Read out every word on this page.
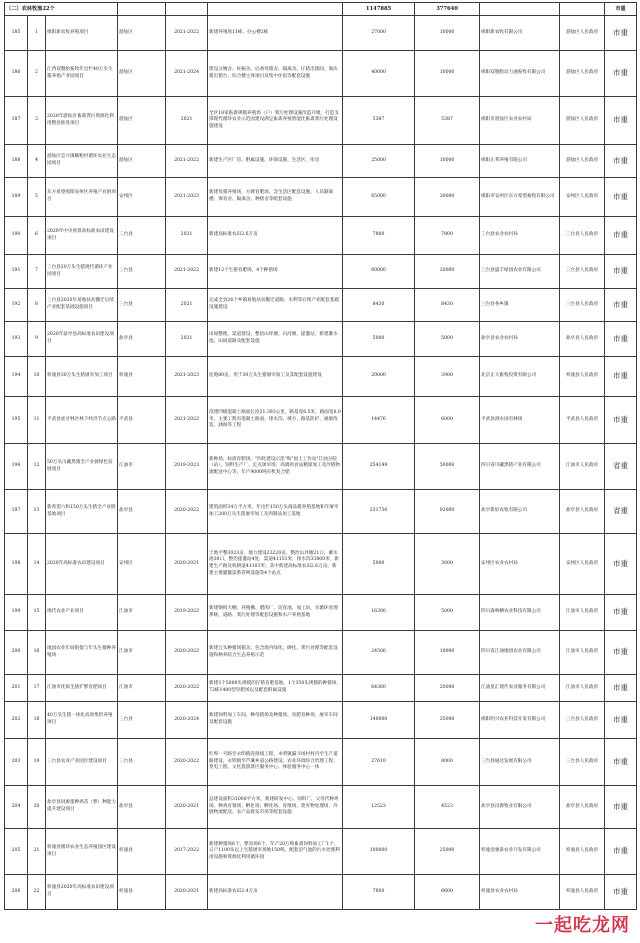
（二）农林牧渔22个						1147885	377640			市重
185	1	绵阳新农牧养殖项目	游仙区	2021-2022	新建养殖场11栋、办公楼2栋	27000	10000	绵阳新农牧有限公司	游仙区人民政府	市重
186	2	江西双胞胎畜牧年出栏40万头生猪养殖产业园项目	游仙区	2021-2024	建设分娩舍、妊娠舍、后备母猪舍、隔离舍、仔猪出猪间、淘汰猪出猪台，综合楼主体项目及集中住宿等配套设施	40000	10000	绵阳双胞胎动力通畜牧有限公司	游仙区人民政府	市重
187	3	2020年游仙区畜禽粪污资源化利用整县推进项目	游仙区	2021	全区18家畜禽规模养殖场（户）粪污处理设施改造升级，打造支撑现代循环农业示范园建设满足畜禽养殖智能化畜禽粪污处理设施建设	5387	5387	绵阳市游仙区农业农村局	游仙区人民政府	市重
188	4	游仙区忠兴镇稀粕村循环农业生态园项目	游仙区	2021-2022	新建生产区厂房、附属设施、环保设施、生活区、库房	25000	10000	绵阳正邦养殖有限公司	游仙区人民政府	市重
189	5	东方希望绵阳安州区养殖产业链项目	安州区	2021-2023	新建母猪养殖场，方碑育肥场、含生活区配套设施、人员隔离楼、保育舍、隔离舍、种猪舍等配套设施	65000	30000	绵阳市安州区东方希望畜牧有限公司	安州区人民政府	市重
190	6	2020年中央预算高标准农田建设项目	三台县	2021	新建高标准农田2.6万亩	7800	7800	三台县农业农村局	三台县人民政府	市重
191	7	三台县20万头生猪现代循环产业园项目	三台县	2021-2022	新建12个生猪育肥场、4个种猪场	60000	20000	三台县盛丰绿园农业有限公司	三台县人民政府	市重
192	8	三台县2020年易地扶贫搬迁后续产业配套基础设施项目	三台县	2021	完成全县26个乡镇易地扶贫搬迁道路、水利等后续产业配套基础设施建设	8430	8430	三台县各乡镇	三台县人民政府	市重
193	9	2020年盐亭县高标准农田建设项目	盐亭县	2021	田间整理、渠道建设、整治山坪塘、石河堰、提灌站、新建蓄水池、田间道路及配套设施	5000	5000	盐亭县农业农村局	盐亭县人民政府	市重
194	10	梓潼县30万头生猪屠宰加工项目	梓潼县	2021-2023	征地80亩，用于30万头生猪屠宰加工及其配套设施建设	20000	3900	北京正大畜牧投资有限公司	梓潼县人民政府	市重
195	11	平武县虎牙林区林下经济节点公路	平武县	2021-2022	改建四级混凝土路面长度21.393公里，路基宽6.5米，路面宽6.0米，主要工程有混凝土路面、排水沟、填方、路基防护、涵洞改造、涵洞等工程	14476	6000	平武县泗水国有林场	平武县人民政府	市重
196	12	50万头川藏黑猪全产业链绿色发展项目	江油市	2019-2023	新种场、标准育肥场、"四化建设示范"和"国土工作站"江油分院（站）、饲料生产厂、定点屠宰场、高端肉食品精深加工及冷链物流配送中心等，年产9000吨有机复合肥	254149	50000	四川省川藏黑猪产业有限公司	江油市人民政府	省重
197	13	新希望六和150万头生猪全产业链基地项目	盐亭县	2020-2022	建筑面积34万平方米，年出栏150万头商品猪养殖基地和年屠宰加工200万头生猪屠宰加工及肉制品加工基地	231750	92000	盐亭新好农牧有限公司	盐亭县人民政府	省重
198	14	2020年高标准农田建设项目	安州区	2020-2021	土地平整3023亩，地力建设23220亩，整治山坪塘21口，蓄水池30口，整治提灌站4处，渠道41151米，排水沟33800米，新建生产路及机耕道41103米；其中新建高标准农田2.6万亩，新建主要灌溉渠系管网设施等4个站点	5000	3000	安州区农业农村局	安州区人民政府	市重
199	15	现代农业产业项目	江油市	2019-2022	新建钢构大棚、养殖棚、腊肉厂、培育池、加工坊、水循环处理系统、道路、粪污处理等配套设施和水产养殖基地	16300	5000	四川森林栖农业科技有限公司	江油市人民政府	市重
200	16	地园农业年间银提与年头生猪种养殖场	江油市	2020-2022	新建万头种猪场猪舍、包含场内绿化、硬化、粪污处理等配套设施和种养结合生态养殖示范	24500	10000	四川省江油地园农业有限公司	江油市人民政府	市重
201	17	江油市优质生猪扩繁育肥项目	江油市	2020-2022	新建3个5000头规模的仔猪育肥基地，1个350头规模的种猪场、72栋1400型育肥场以及配套附属设施	64360	20000	江油星汇现代农业服务有限公司	江油市人民政府	市重
202	18	40万头生猪一体化高效集约养殖项目	三台县	2020-2024	新建饲料加工车间、种母猪场及种猪场、育肥育种场，屠宰车间及配套设施	140000	25000	绵阳明兴农业科技开发有限公司	三台县人民政府	市重
203	19	三台县农业产业园区建设项目	三台县	2020-2022	红埠一号路至永明镇连接线工程、永明镇漏斗场村村内至生产道路建设、永明镇至芦溪乡道公路建设、农业环境综合治理工程、变电工程、文化旅游景区服务中心、体验服务中心一体	27610	8000	三台县通达发展有限公司	三台县人民政府	市重
204	20	盐亭县饲源蛋种鸡苗（繁）种能力提升建设项目	盐亭县	2020-2021	总建设面积31000平方米，新建研发中心、饲料厂、父母代种鸡场、种鸡育雏场、孵化场、孵化场、育维场、废弃物处理场，冷链物流配送、农产品批发市场等配套设施	12523	4523	盐亭县汉源牧业有限公司	盐亭县人民政府	市重
205	21	梓潼县循环农业生态养殖园区建设项目	梓潼县	2017-2022	新建种猪场6个、繁育场6个、年产20万吨畜禽饲料加工厂1个，日产1100头以上生猪屠宰场地150吨，配套沼气池的污水处理利用设施和资源化利用循环园	100000	25000	梓潼金驰泰农业开发有限公司	梓潼县人民政府	市重
206	22	梓潼县2020年高标准农田建设项目	梓潼县	2020-2021	新建高标准农田2.4万亩	7600	6600	梓潼县农业农村局	梓潼县人民政府	市重
一起吃龙网
